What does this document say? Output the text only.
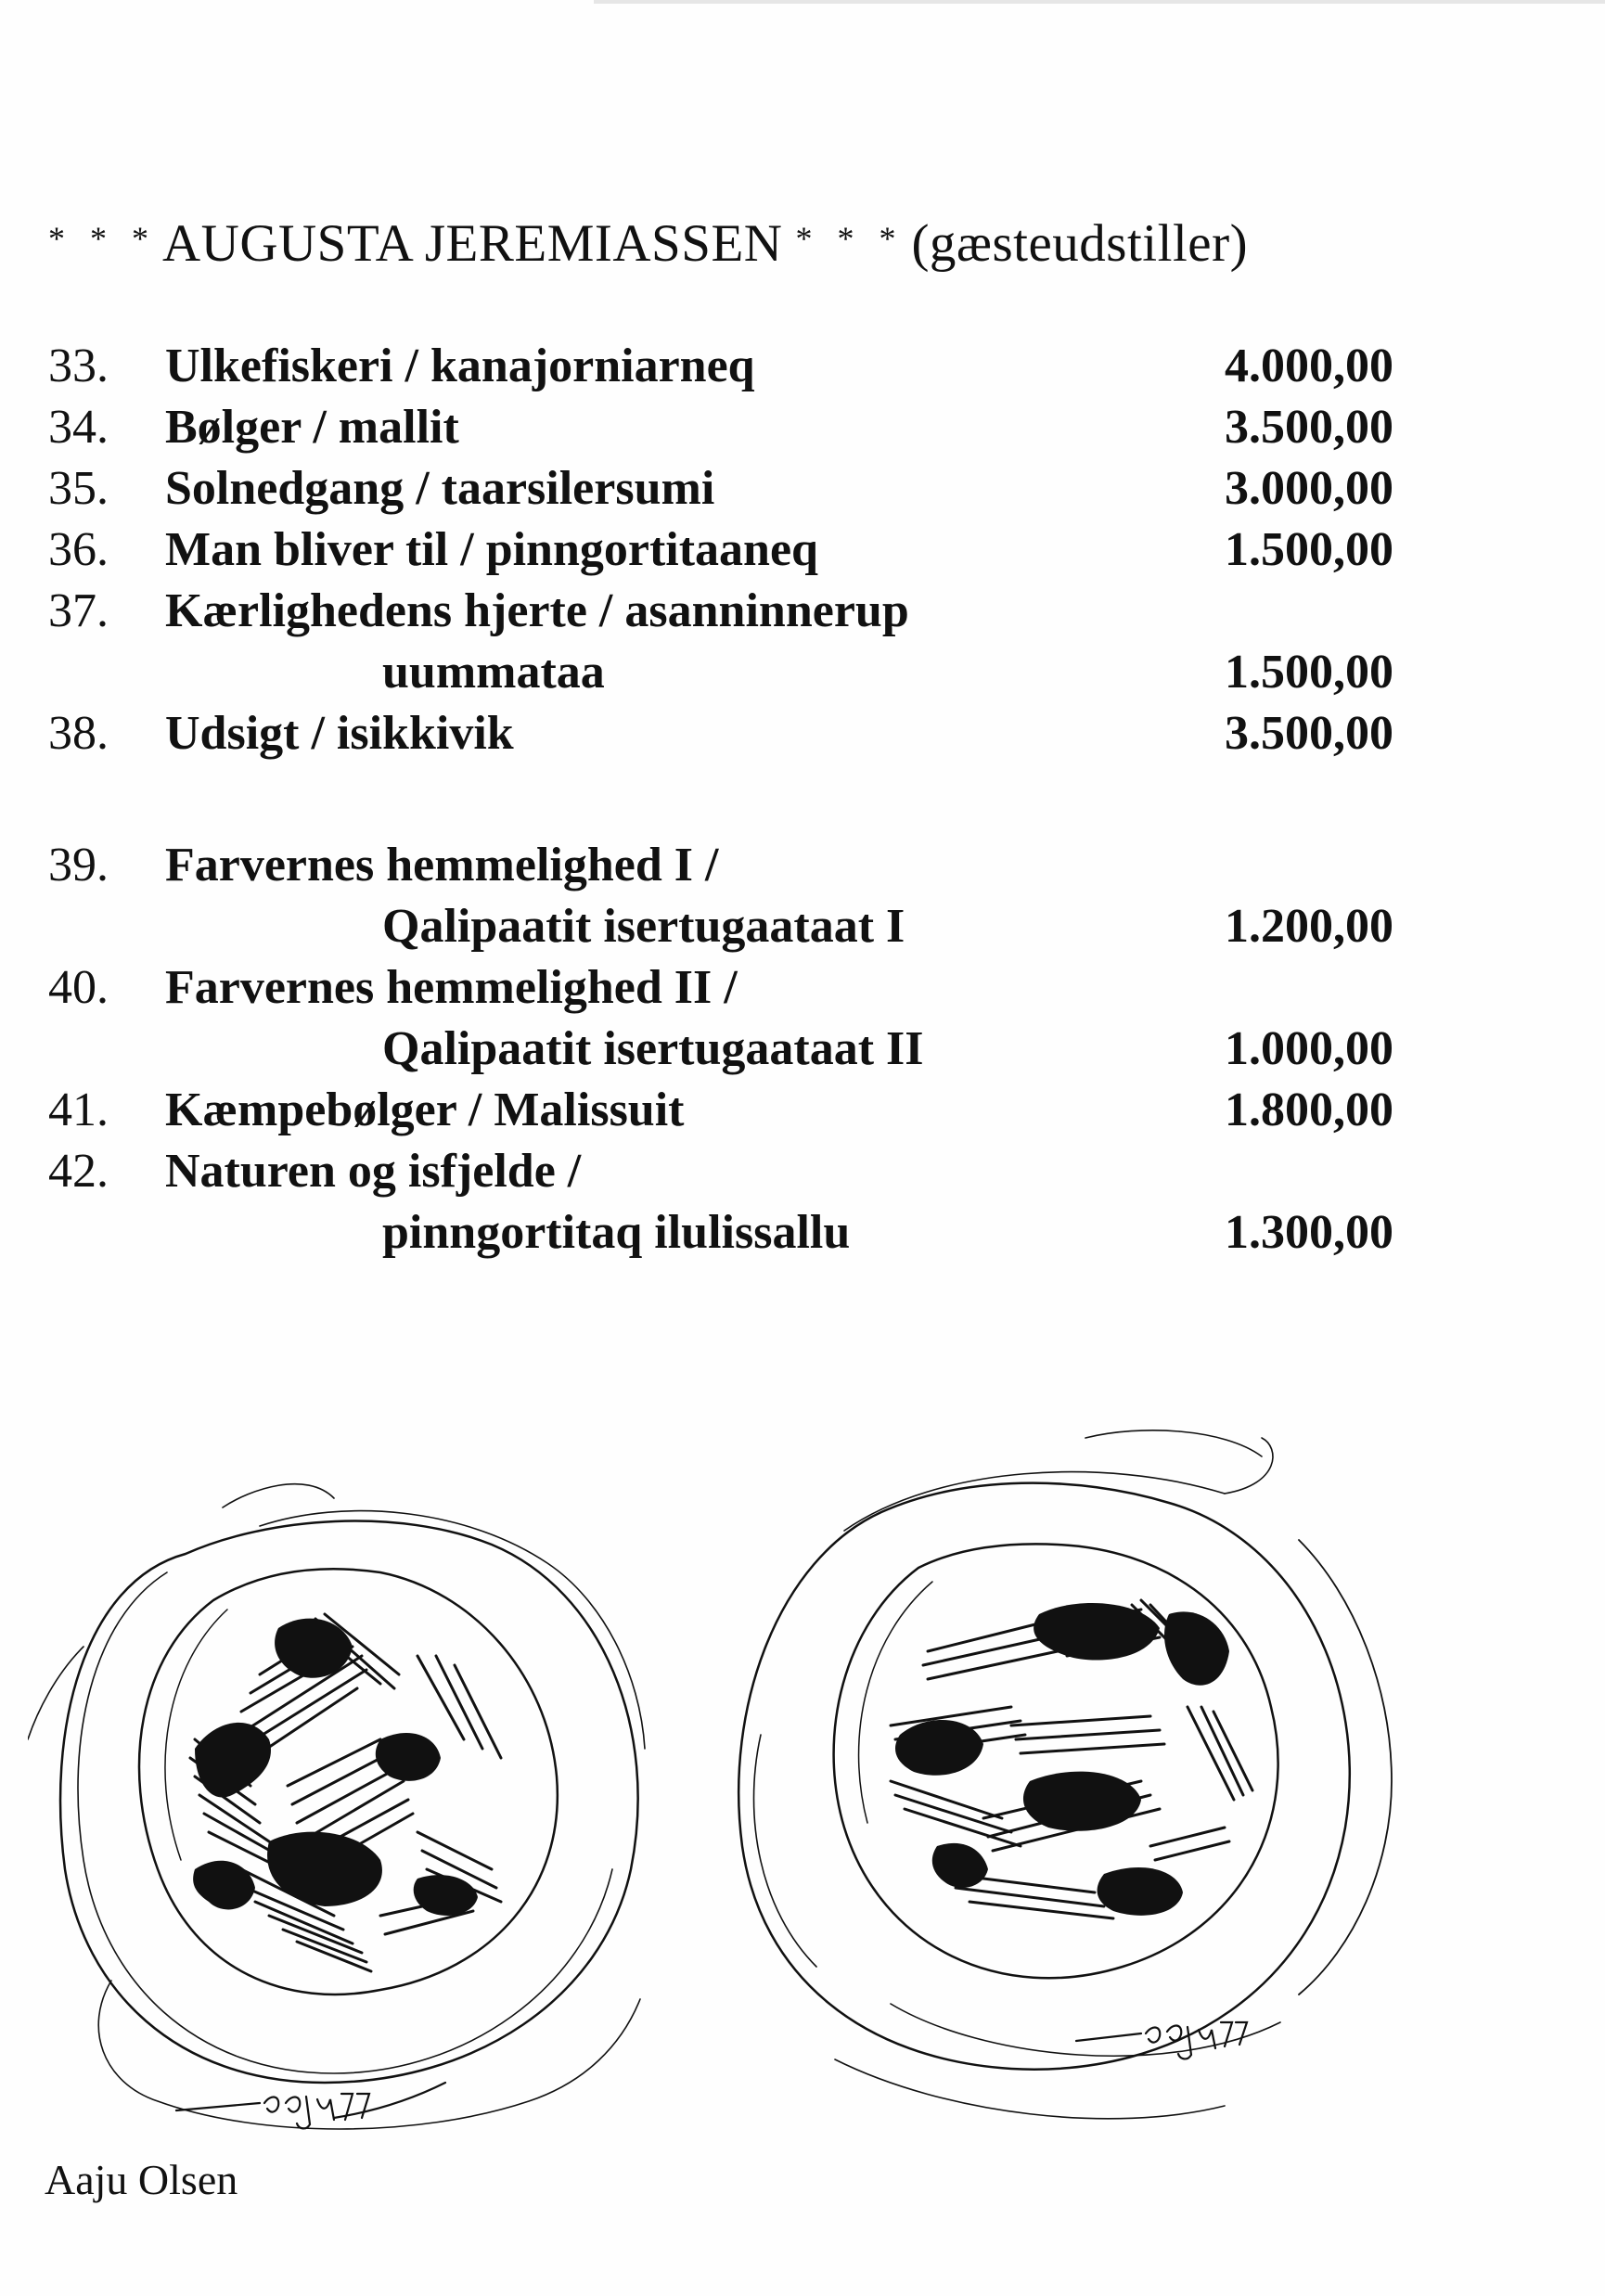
* * * AUGUSTA JEREMIASSEN * * * (gæsteudstiller)
33. Ulkefiskeri / kanajorniarneq	4.000,00
34. Bølger / mallit	3.500,00
35. Solnedgang / taarsilersumi	3.000,00
36. Man bliver til / pinngortitaaneq	1.500,00
37. Kærlighedens hjerte / asanninnerup
uummataa	1.500,00
38. Udsigt / isikkivik	3.500,00
39. Farvernes hemmelighed I /
Qalipaatit isertugaataat I	1.200,00
40. Farvernes hemmelighed II /
Qalipaatit isertugaataat II	1.000,00
41. Kæmpebølger / Malissuit	1.800,00
42. Naturen og isfjelde /
pinngortitaq ilulissallu	1.300,00
Aaju Olsen
